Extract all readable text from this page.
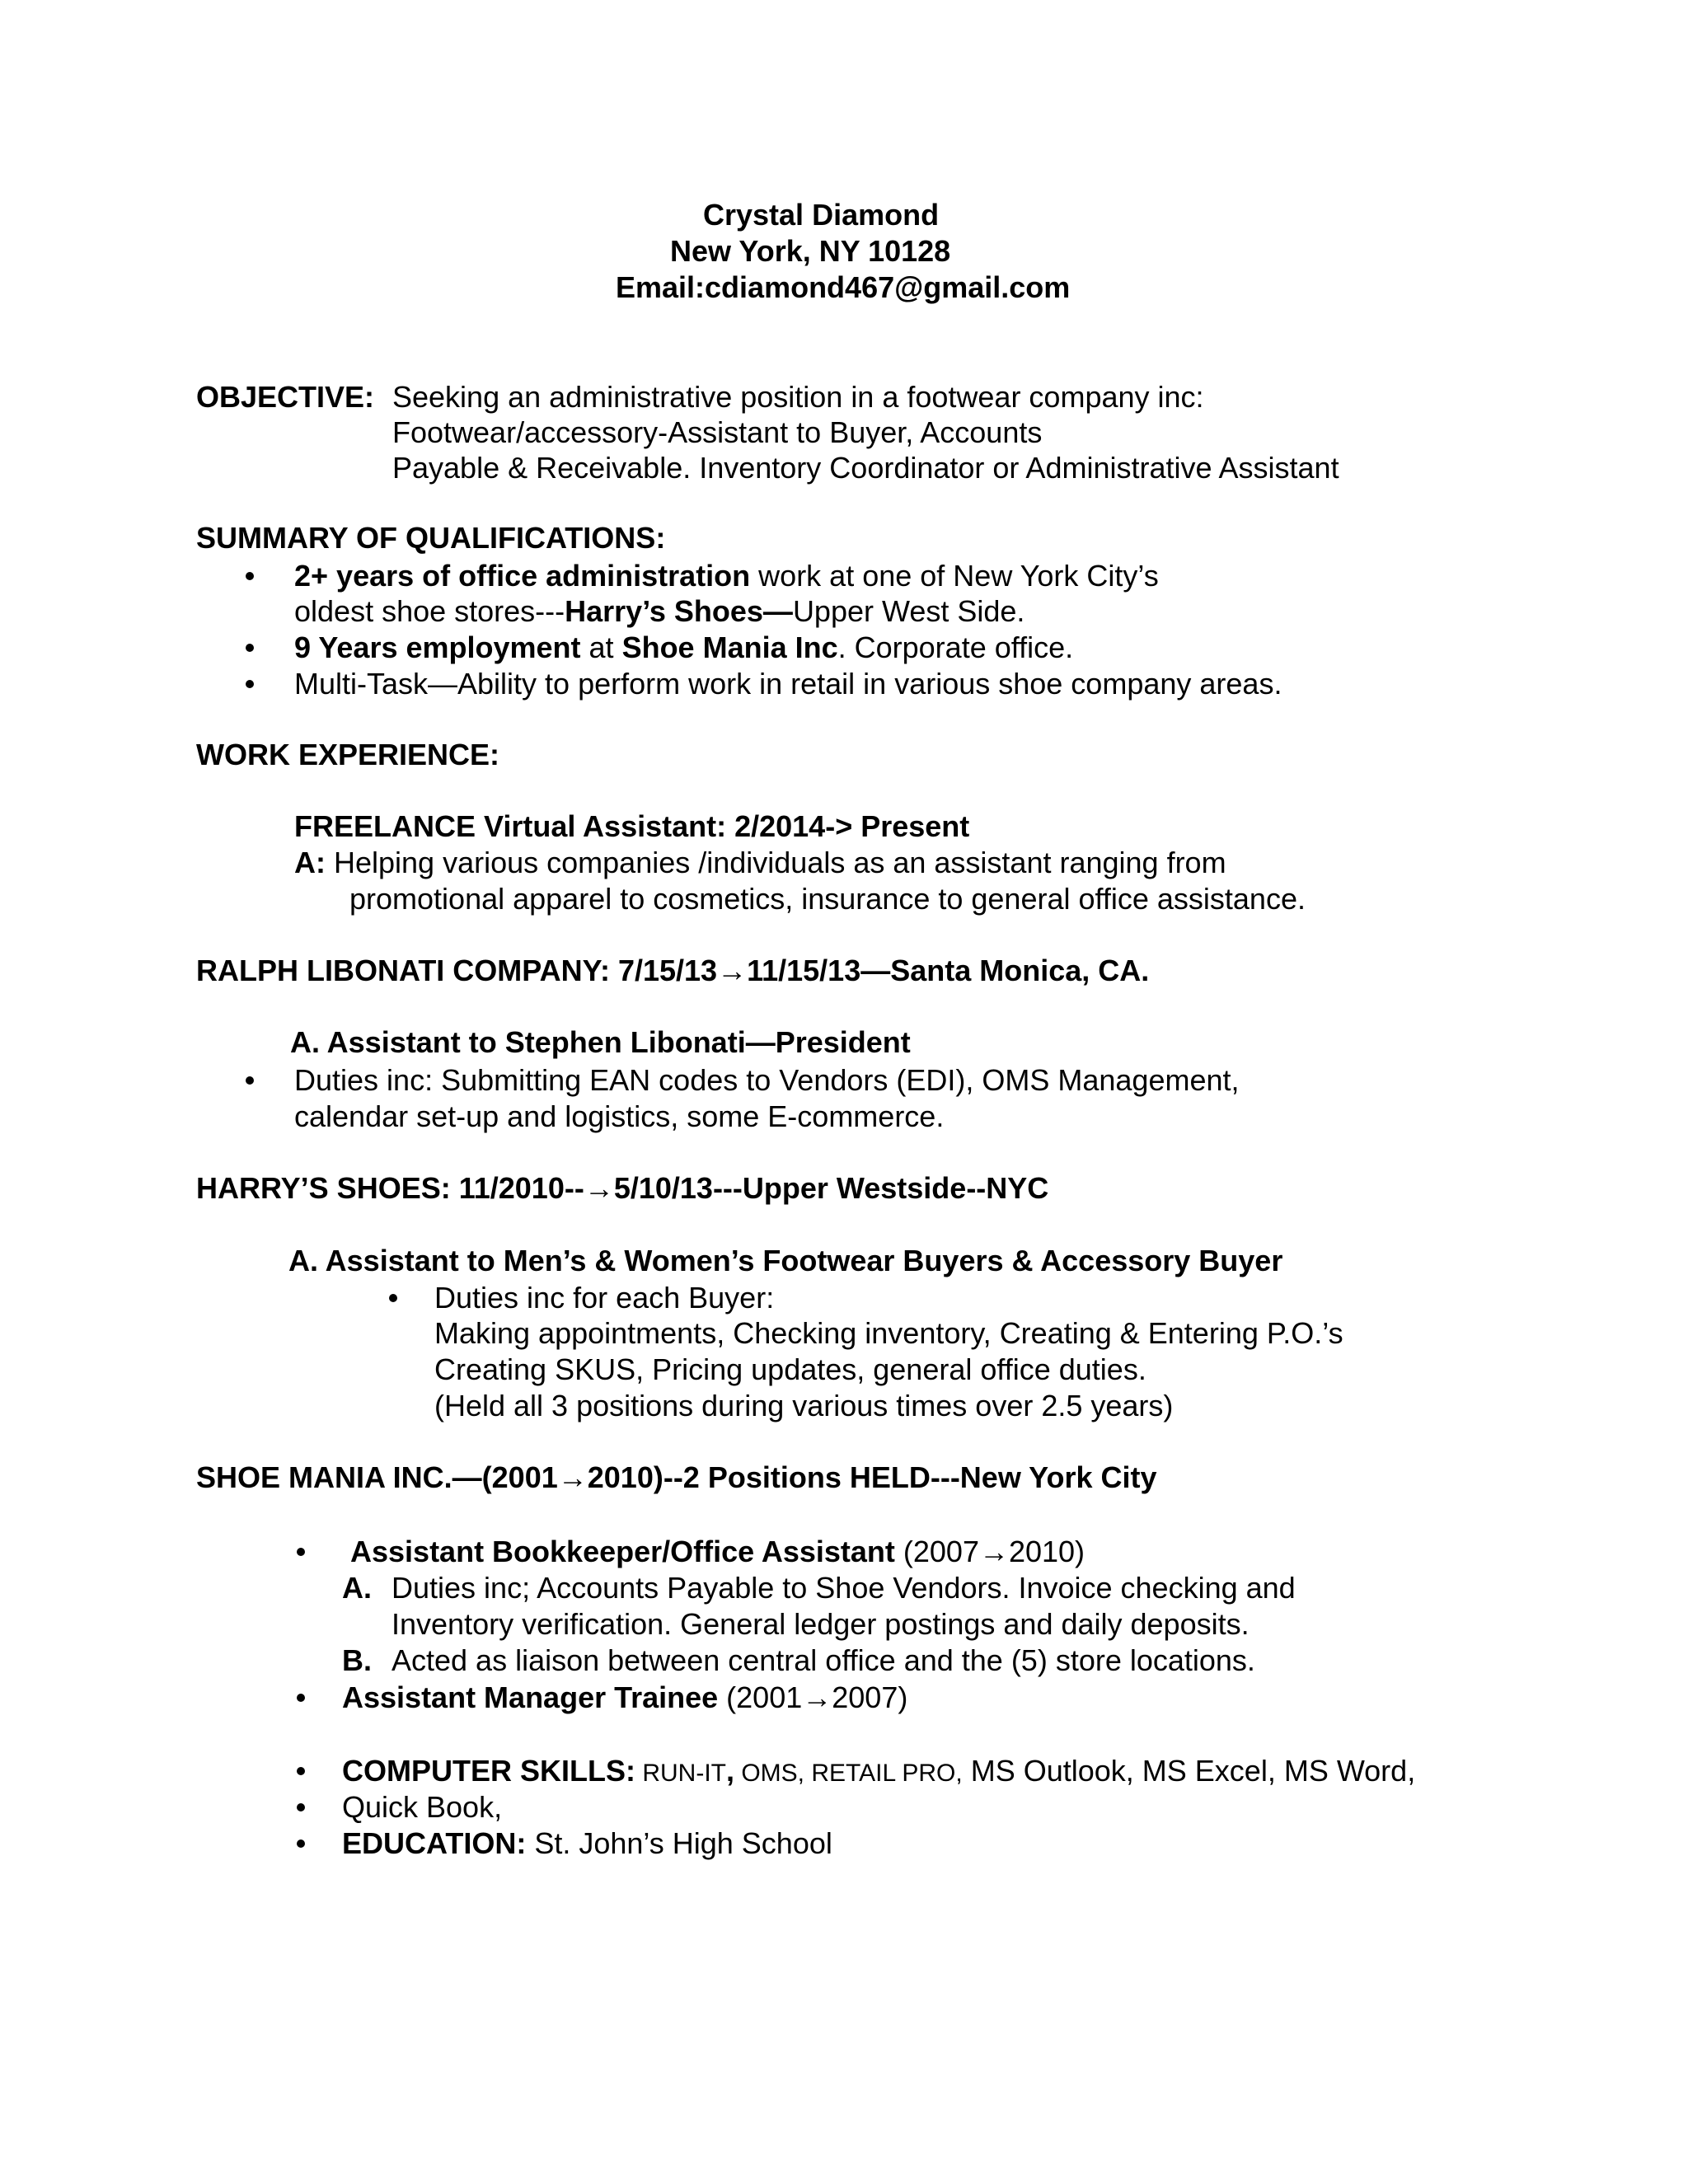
Crystal Diamond
New York, NY 10128
Email:cdiamond467@gmail.com
OBJECTIVE: Seeking an administrative position in a footwear company inc:
Footwear/accessory-Assistant to Buyer, Accounts
Payable & Receivable. Inventory Coordinator or Administrative Assistant
SUMMARY OF QUALIFICATIONS:
2+ years of office administration work at one of New York City’s
oldest shoe stores---Harry’s Shoes—Upper West Side.
9 Years employment at Shoe Mania Inc. Corporate office.
Multi-Task—Ability to perform work in retail in various shoe company areas.
WORK EXPERIENCE:
FREELANCE Virtual Assistant: 2/2014-> Present
A: Helping various companies /individuals as an assistant ranging from
promotional apparel to cosmetics, insurance to general office assistance.
RALPH LIBONATI COMPANY: 7/15/13→11/15/13—Santa Monica, CA.
A. Assistant to Stephen Libonati—President
Duties inc: Submitting EAN codes to Vendors (EDI), OMS Management,
calendar set-up and logistics, some E-commerce.
HARRY’S SHOES: 11/2010--→5/10/13---Upper Westside--NYC
A. Assistant to Men’s & Women’s Footwear Buyers & Accessory Buyer
Duties inc for each Buyer:
Making appointments, Checking inventory, Creating & Entering P.O.’s
Creating SKUS, Pricing updates, general office duties.
(Held all 3 positions during various times over 2.5 years)
SHOE MANIA INC.—(2001→2010)--2 Positions HELD---New York City
Assistant Bookkeeper/Office Assistant (2007→2010)
A. Duties inc; Accounts Payable to Shoe Vendors. Invoice checking and
Inventory verification. General ledger postings and daily deposits.
B. Acted as liaison between central office and the (5) store locations.
Assistant Manager Trainee (2001→2007)
COMPUTER SKILLS: RUN-IT, OMS, RETAIL PRO, MS Outlook, MS Excel, MS Word,
Quick Book,
EDUCATION: St. John’s High School
